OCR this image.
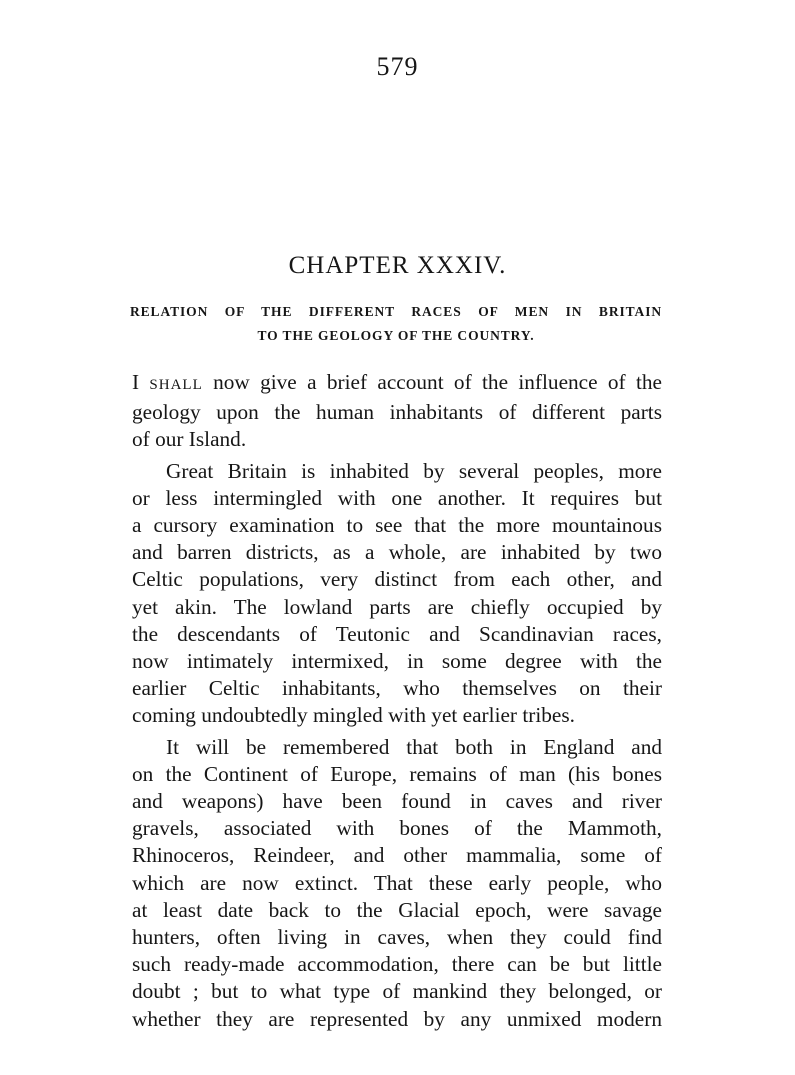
579
CHAPTER XXXIV.
RELATION OF THE DIFFERENT RACES OF MEN IN BRITAIN
TO THE GEOLOGY OF THE COUNTRY.
I SHALL now give a brief account of the influence of the
geology upon the human inhabitants of different parts
of our Island.
Great Britain is inhabited by several peoples, more
or less intermingled with one another. It requires but
a cursory examination to see that the more mountainous
and barren districts, as a whole, are inhabited by two
Celtic populations, very distinct from each other, and
yet akin. The lowland parts are chiefly occupied by
the descendants of Teutonic and Scandinavian races,
now intimately intermixed, in some degree with the
earlier Celtic inhabitants, who themselves on their
coming undoubtedly mingled with yet earlier tribes.
It will be remembered that both in England and
on the Continent of Europe, remains of man (his bones
and weapons) have been found in caves and river
gravels, associated with bones of the Mammoth,
Rhinoceros, Reindeer, and other mammalia, some of
which are now extinct. That these early people, who
at least date back to the Glacial epoch, were savage
hunters, often living in caves, when they could find
such ready-made accommodation, there can be but little
doubt ; but to what type of mankind they belonged, or
whether they are represented by any unmixed modern
